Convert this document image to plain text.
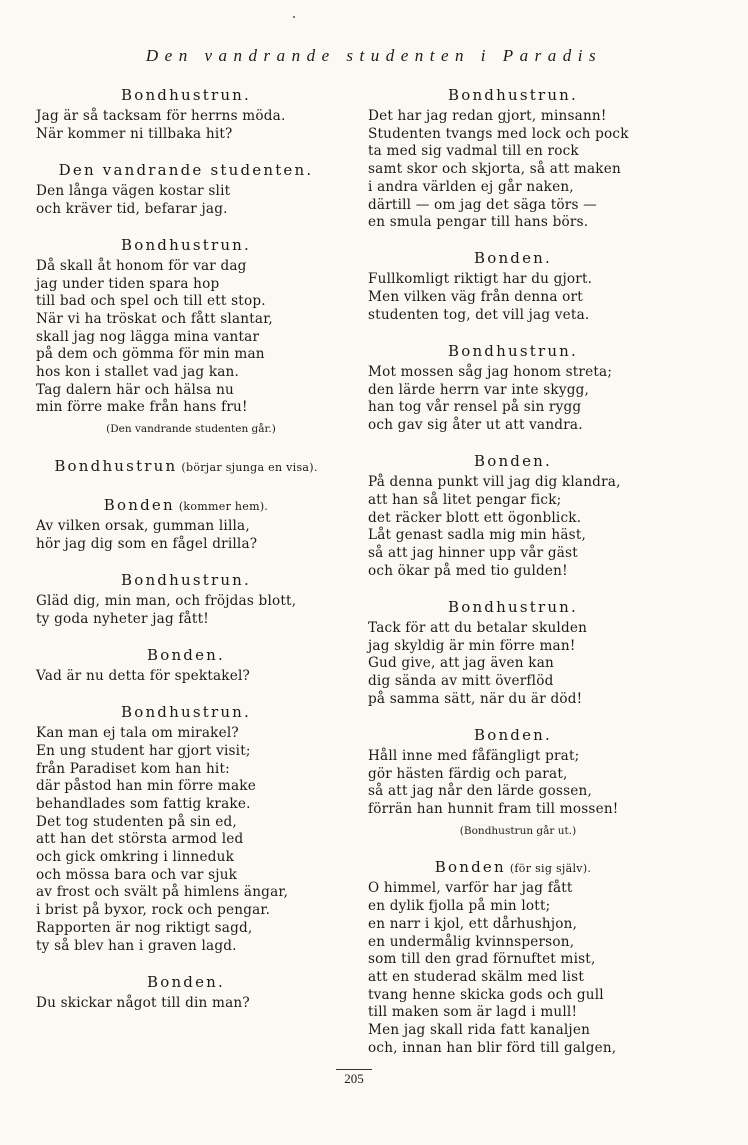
Den vandrande studenten i Paradis
Bondhustrun.
Jag är så tacksam för herrns möda.
När kommer ni tillbaka hit?
Den vandrande studenten.
Den långa vägen kostar slit
och kräver tid, befarar jag.
Bondhustrun.
Då skall åt honom för var dag
jag under tiden spara hop
till bad och spel och till ett stop.
När vi ha tröskat och fått slantar,
skall jag nog lägga mina vantar
på dem och gömma för min man
hos kon i stallet vad jag kan.
Tag dalern här och hälsa nu
min förre make från hans fru!
(Den vandrande studenten går.)
Bondhustrun (börjar sjunga en visa).
Bonden (kommer hem).
Av vilken orsak, gumman lilla,
hör jag dig som en fågel drilla?
Bondhustrun.
Gläd dig, min man, och fröjdas blott,
ty goda nyheter jag fått!
Bonden.
Vad är nu detta för spektakel?
Bondhustrun.
Kan man ej tala om mirakel?
En ung student har gjort visit;
från Paradiset kom han hit:
där påstod han min förre make
behandlades som fattig krake.
Det tog studenten på sin ed,
att han det största armod led
och gick omkring i linneduk
och mössa bara och var sjuk
av frost och svält på himlens ängar,
i brist på byxor, rock och pengar.
Rapporten är nog riktigt sagd,
ty så blev han i graven lagd.
Bonden.
Du skickar något till din man?
Bondhustrun.
Det har jag redan gjort, minsann!
Studenten tvangs med lock och pock
ta med sig vadmal till en rock
samt skor och skjorta, så att maken
i andra världen ej går naken,
därtill — om jag det säga törs —
en smula pengar till hans börs.
Bonden.
Fullkomligt riktigt har du gjort.
Men vilken väg från denna ort
studenten tog, det vill jag veta.
Bondhustrun.
Mot mossen såg jag honom streta;
den lärde herrn var inte skygg,
han tog vår rensel på sin rygg
och gav sig åter ut att vandra.
Bonden.
På denna punkt vill jag dig klandra,
att han så litet pengar fick;
det räcker blott ett ögonblick.
Låt genast sadla mig min häst,
så att jag hinner upp vår gäst
och ökar på med tio gulden!
Bondhustrun.
Tack för att du betalar skulden
jag skyldig är min förre man!
Gud give, att jag även kan
dig sända av mitt överflöd
på samma sätt, när du är död!
Bonden.
Håll inne med fåfängligt prat;
gör hästen färdig och parat,
så att jag når den lärde gossen,
förrän han hunnit fram till mossen!
(Bondhustrun går ut.)
Bonden (för sig själv).
O himmel, varför har jag fått
en dylik fjolla på min lott;
en narr i kjol, ett dårhushjon,
en undermålig kvinnsperson,
som till den grad förnuftet mist,
att en studerad skälm med list
tvang henne skicka gods och gull
till maken som är lagd i mull!
Men jag skall rida fatt kanaljen
och, innan han blir förd till galgen,
205
